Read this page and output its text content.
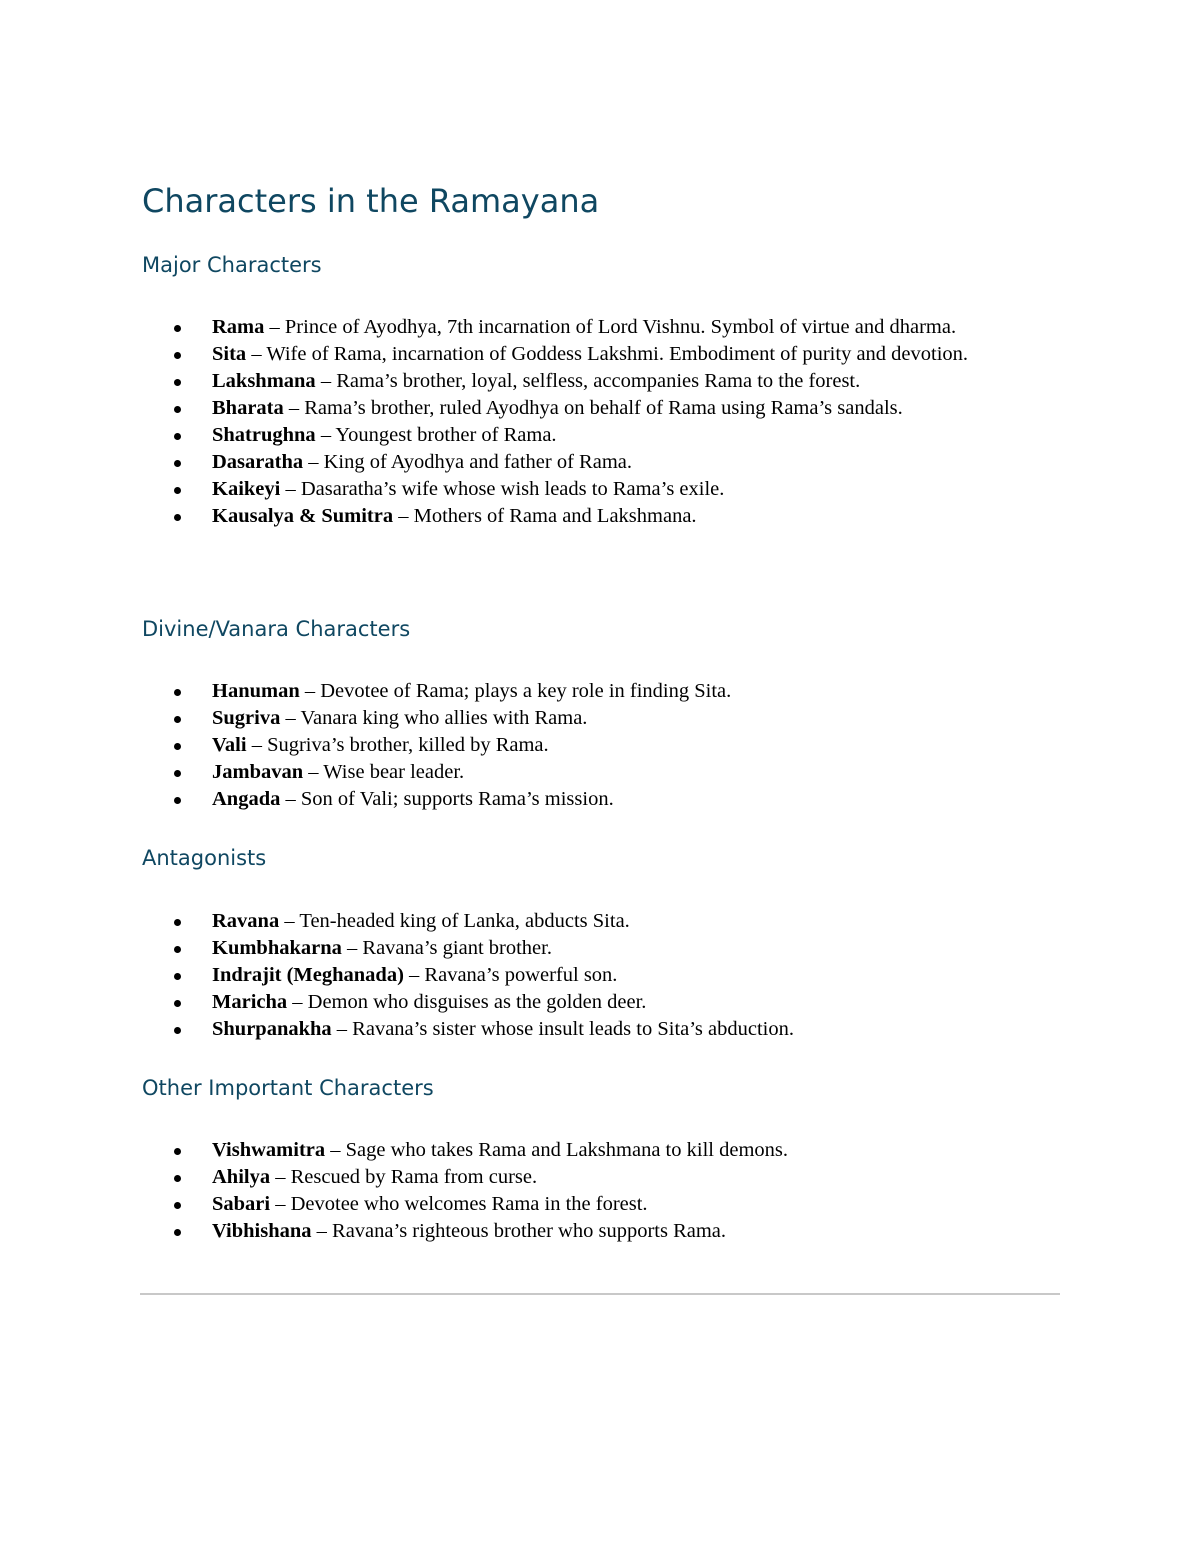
Characters in the Ramayana
Major Characters
Rama – Prince of Ayodhya, 7th incarnation of Lord Vishnu. Symbol of virtue and dharma.
Sita – Wife of Rama, incarnation of Goddess Lakshmi. Embodiment of purity and devotion.
Lakshmana – Rama’s brother, loyal, selfless, accompanies Rama to the forest.
Bharata – Rama’s brother, ruled Ayodhya on behalf of Rama using Rama’s sandals.
Shatrughna – Youngest brother of Rama.
Dasaratha – King of Ayodhya and father of Rama.
Kaikeyi – Dasaratha’s wife whose wish leads to Rama’s exile.
Kausalya & Sumitra – Mothers of Rama and Lakshmana.
Divine/Vanara Characters
Hanuman – Devotee of Rama; plays a key role in finding Sita.
Sugriva – Vanara king who allies with Rama.
Vali – Sugriva’s brother, killed by Rama.
Jambavan – Wise bear leader.
Angada – Son of Vali; supports Rama’s mission.
Antagonists
Ravana – Ten-headed king of Lanka, abducts Sita.
Kumbhakarna – Ravana’s giant brother.
Indrajit (Meghanada) – Ravana’s powerful son.
Maricha – Demon who disguises as the golden deer.
Shurpanakha – Ravana’s sister whose insult leads to Sita’s abduction.
Other Important Characters
Vishwamitra – Sage who takes Rama and Lakshmana to kill demons.
Ahilya – Rescued by Rama from curse.
Sabari – Devotee who welcomes Rama in the forest.
Vibhishana – Ravana’s righteous brother who supports Rama.
